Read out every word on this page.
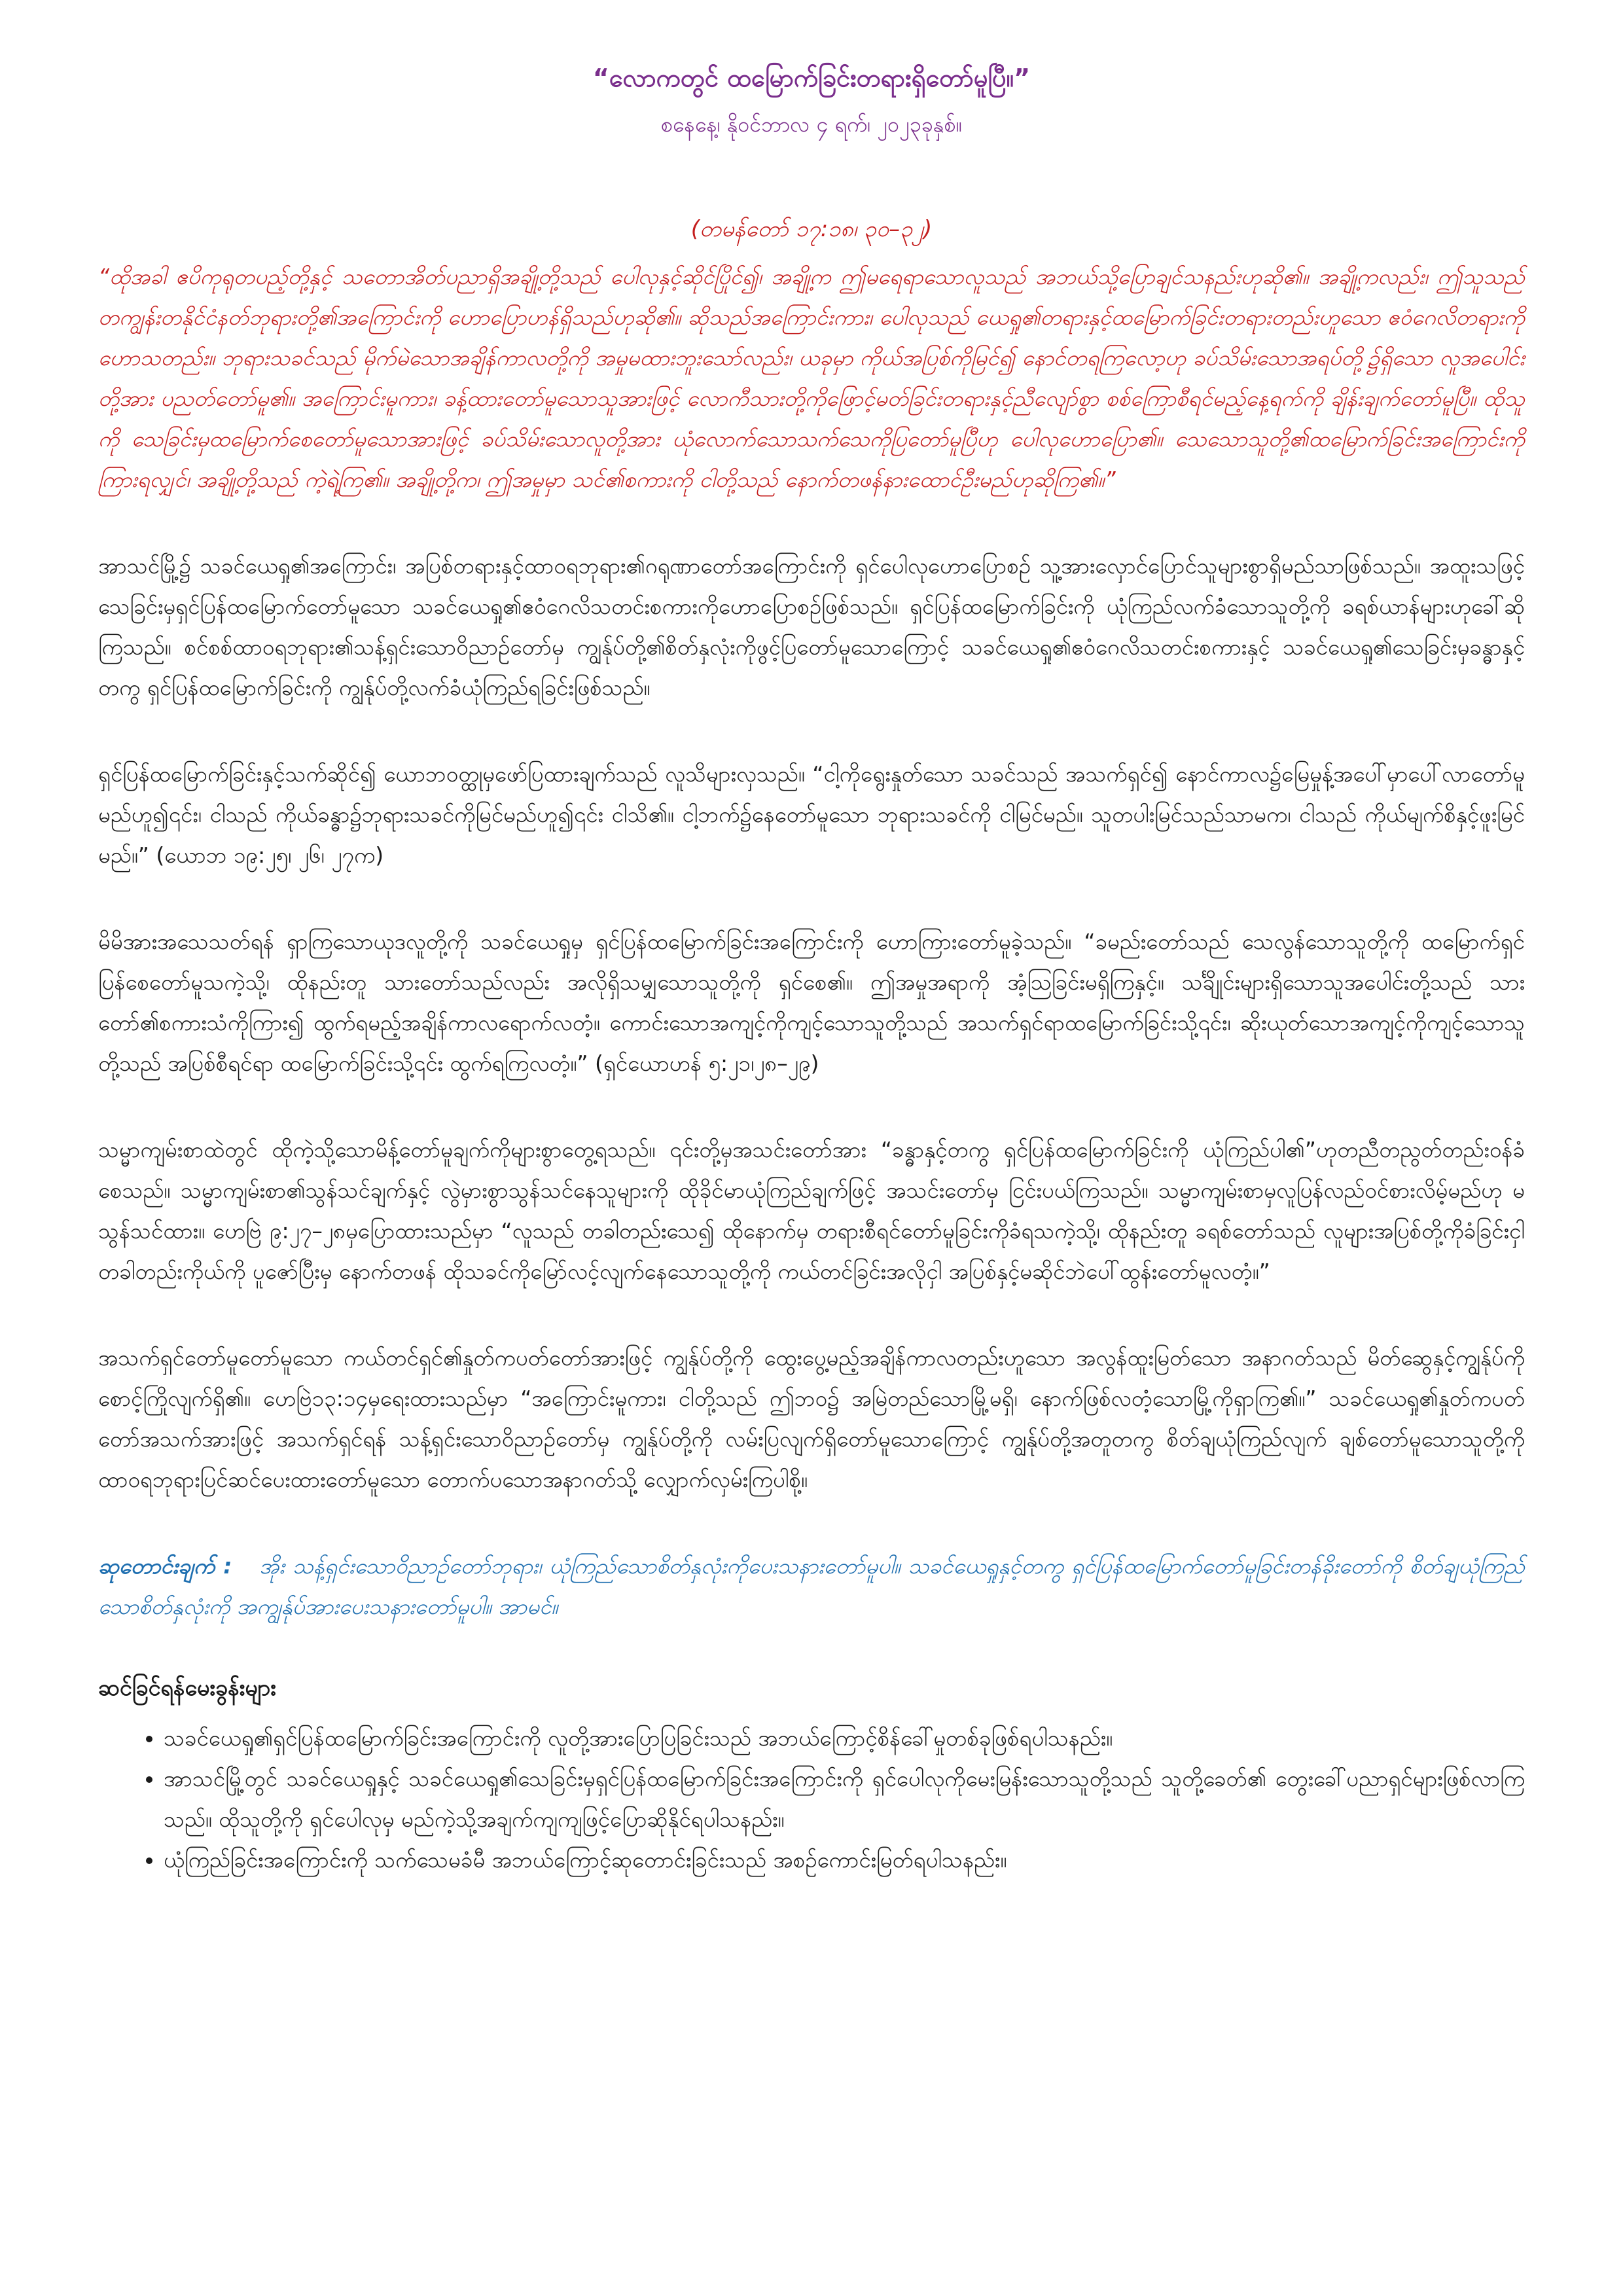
“လောကတွင် ထမြောက်ခြင်းတရားရှိတော်မူပြီ။”
စနေနေ့၊ နိုဝင်ဘာလ ၄ ရက်၊ ၂၀၂၃ခုနှစ်။
(တမန်တော် ၁၇:၁၈၊ ၃၀–၃၂)
“ထိုအခါ ဧပိကုရုတပည့်တို့နှင့် သတောအိတ်ပညာရှိအချို့တို့သည် ပေါလုနှင့်ဆိုင်ပြိုင်၍၊ အချို့က ဤမရေရာသောလူသည် အဘယ်သို့ပြောချင်သနည်းဟုဆို၏။ အချို့ကလည်း၊ ဤသူသည် တကျွန်းတနိုင်ငံနတ်ဘုရားတို့၏အကြောင်းကို ဟောပြောဟန်ရှိသည်ဟုဆို၏။ ဆိုသည်အကြောင်းကား၊ ပေါလုသည် ယေရှု၏တရားနှင့်ထမြောက်ခြင်းတရားတည်းဟူသော ဧဝံဂေလိတရားကိုဟောသတည်း။ ဘုရားသခင်သည် မိုက်မဲသောအချိန်ကာလတို့ကို အမှုမထားဘူးသော်လည်း၊ ယခုမှာ ကိုယ်အပြစ်ကိုမြင်၍ နောင်တရကြလော့ဟု ခပ်သိမ်းသောအရပ်တို့၌ရှိသော လူအပေါင်းတို့အား ပညတ်တော်မူ၏။ အကြောင်းမူကား၊ ခန့်ထားတော်မူသောသူအားဖြင့် လောကီသားတို့ကိုဖြောင့်မတ်ခြင်းတရားနှင့်ညီလျော်စွာ စစ်ကြောစီရင်မည့်နေ့ရက်ကို ချိန်းချက်တော်မူပြီ။ ထိုသူကို သေခြင်းမှထမြောက်စေတော်မူသောအားဖြင့် ခပ်သိမ်းသောလူတို့အား ယုံလောက်သောသက်သေကိုပြတော်မူပြီဟု ပေါလုဟောပြော၏။ သေသောသူတို့၏ထမြောက်ခြင်းအကြောင်းကို ကြားရလျှင်၊ အချို့တို့သည် ကဲ့ရဲ့ကြ၏။ အချို့တို့က၊ ဤအမှုမှာ သင်၏စကားကို ငါတို့သည် နောက်တဖန်နားထောင်ဦးမည်ဟုဆိုကြ၏။”

အာသင်မြို့၌ သခင်ယေရှု၏အကြောင်း၊ အပြစ်တရားနှင့်ထာဝရဘုရား၏ဂရုဏာတော်အကြောင်းကို ရှင်ပေါလုဟောပြောစဉ် သူ့အားလှောင်ပြောင်သူများစွာရှိမည်သာဖြစ်သည်။ အထူးသဖြင့် သေခြင်းမှရှင်ပြန်ထမြောက်တော်မူသော သခင်ယေရှု၏ဧဝံဂေလိသတင်းစကားကိုဟောပြောစဉ်ဖြစ်သည်။ ရှင်ပြန်ထမြောက်ခြင်းကို ယုံကြည်လက်ခံသောသူတို့ကို ခရစ်ယာန်များဟုခေါ်ဆိုကြသည်။ စင်စစ်ထာဝရဘုရား၏သန့်ရှင်းသောဝိညာဉ်တော်မှ ကျွန်ုပ်တို့၏စိတ်နှလုံးကိုဖွင့်ပြတော်မူသောကြောင့် သခင်ယေရှု၏ဧဝံဂေလိသတင်းစကားနှင့် သခင်ယေရှု၏သေခြင်းမှခန္ဓာနှင့်တကွ ရှင်ပြန်ထမြောက်ခြင်းကို ကျွန်ုပ်တို့လက်ခံယုံကြည်ရခြင်းဖြစ်သည်။

ရှင်ပြန်ထမြောက်ခြင်းနှင့်သက်ဆိုင်၍ ယောဘဝတ္ထုမှဖော်ပြထားချက်သည် လူသိများလှသည်။ “ငါ့ကိုရွေးနှုတ်သော သခင်သည် အသက်ရှင်၍ နောင်ကာလ၌မြေမှုန့်အပေါ်မှာပေါ်လာတော်မူမည်ဟူ၍၎င်း၊ ငါသည် ကိုယ်ခန္ဓာ၌ဘုရားသခင်ကိုမြင်မည်ဟူ၍၎င်း ငါသိ၏။ ငါ့ဘက်၌နေတော်မူသော ဘုရားသခင်ကို ငါမြင်မည်။ သူတပါးမြင်သည်သာမက၊ ငါသည် ကိုယ်မျက်စိနှင့်ဖူးမြင်မည်။” (ယောဘ ၁၉:၂၅၊ ၂၆၊ ၂၇က)

မိမိအားအသေသတ်ရန် ရှာကြသောယုဒလူတို့ကို သခင်ယေရှုမှ ရှင်ပြန်ထမြောက်ခြင်းအကြောင်းကို ဟောကြားတော်မူခဲ့သည်။ “ခမည်းတော်သည် သေလွန်သောသူတို့ကို ထမြောက်ရှင်ပြန်စေတော်မူသကဲ့သို့၊ ထိုနည်းတူ သားတော်သည်လည်း အလိုရှိသမျှသောသူတို့ကို ရှင်စေ၏။ ဤအမှုအရာကို အံ့ဩခြင်းမရှိကြနှင့်။ သင်္ချိုင်းများရှိသောသူအပေါင်းတို့သည် သားတော်၏စကားသံကိုကြား၍ ထွက်ရမည့်အချိန်ကာလရောက်လတံ့။ ကောင်းသောအကျင့်ကိုကျင့်သောသူတို့သည် အသက်ရှင်ရာထမြောက်ခြင်းသို့၎င်း၊ ဆိုးယုတ်သောအကျင့်ကိုကျင့်သောသူတို့သည် အပြစ်စီရင်ရာ ထမြောက်ခြင်းသို့၎င်း ထွက်ရကြလတံ့။” (ရှင်ယောဟန် ၅:၂၁၊၂၈–၂၉)

သမ္မာကျမ်းစာထဲတွင် ထိုကဲ့သို့သောမိန့်တော်မူချက်ကိုများစွာတွေ့ရသည်။ ၎င်းတို့မှအသင်းတော်အား “ခန္ဓာနှင့်တကွ ရှင်ပြန်ထမြောက်ခြင်းကို ယုံကြည်ပါ၏”ဟုတညီတညွတ်တည်းဝန်ခံစေသည်။ သမ္မာကျမ်းစာ၏သွန်သင်ချက်နှင့် လွဲမှားစွာသွန်သင်နေသူများကို ထိုခိုင်မာယုံကြည်ချက်ဖြင့် အသင်းတော်မှ ငြင်းပယ်ကြသည်။ သမ္မာကျမ်းစာမှလူပြန်လည်ဝင်စားလိမ့်မည်ဟု မသွန်သင်ထား။ ဟေဗြဲ ၉:၂၇–၂၈မှပြောထားသည်မှာ “လူသည် တခါတည်းသေ၍ ထိုနောက်မှ တရားစီရင်တော်မူခြင်းကိုခံရသကဲ့သို့၊ ထိုနည်းတူ ခရစ်တော်သည် လူများအပြစ်တို့ကိုခံခြင်းငှါ တခါတည်းကိုယ်ကို ပူဇော်ပြီးမှ နောက်တဖန် ထိုသခင်ကိုမြော်လင့်လျက်နေသောသူတို့ကို ကယ်တင်ခြင်းအလိုငှါ အပြစ်နှင့်မဆိုင်ဘဲပေါ်ထွန်းတော်မူလတံ့။”

အသက်ရှင်တော်မူတော်မူသော ကယ်တင်ရှင်၏နှုတ်ကပတ်တော်အားဖြင့် ကျွန်ုပ်တို့ကို ထွေးပွေ့မည့်အချိန်ကာလတည်းဟူသော အလွန်ထူးမြတ်သော အနာဂတ်သည် မိတ်ဆွေနှင့်ကျွန်ုပ်ကိုစောင့်ကြိုလျက်ရှိ၏။ ဟေဗြဲ၁၃:၁၄မှရေးထားသည်မှာ “အကြောင်းမူကား၊ ငါတို့သည် ဤဘဝ၌ အမြဲတည်သောမြို့မရှိ၊ နောက်ဖြစ်လတံ့သောမြို့ကိုရှာကြ၏။” သခင်ယေရှု၏နှုတ်ကပတ်တော်အသက်အားဖြင့် အသက်ရှင်ရန် သန့်ရှင်းသောဝိညာဉ်တော်မှ ကျွန်ုပ်တို့ကို လမ်းပြလျက်ရှိတော်မူသောကြောင့် ကျွန်ုပ်တို့အတူတကွ စိတ်ချယုံကြည်လျက် ချစ်တော်မူသောသူတို့ကို ထာဝရဘုရားပြင်ဆင်ပေးထားတော်မူသော တောက်ပသောအနာဂတ်သို့ လျှောက်လှမ်းကြပါစို့။

ဆုတောင်းချက် : အိုး သန့်ရှင်းသောဝိညာဉ်တော်ဘုရား၊ ယုံကြည်သောစိတ်နှလုံးကိုပေးသနားတော်မူပါ။ သခင်ယေရှုနှင့်တကွ ရှင်ပြန်ထမြောက်တော်မူခြင်းတန်ခိုးတော်ကို စိတ်ချယုံကြည်သောစိတ်နှလုံးကို အကျွန်ုပ်အားပေးသနားတော်မူပါ။ အာမင်။

ဆင်ခြင်ရန်မေးခွန်းများ
• သခင်ယေရှု၏ရှင်ပြန်ထမြောက်ခြင်းအကြောင်းကို လူတို့အားပြောပြခြင်းသည် အဘယ်ကြောင့်စိန်ခေါ်မှုတစ်ခုဖြစ်ရပါသနည်း။
• အာသင်မြို့တွင် သခင်ယေရှုနှင့် သခင်ယေရှု၏သေခြင်းမှရှင်ပြန်ထမြောက်ခြင်းအကြောင်းကို ရှင်ပေါလုကိုမေးမြန်းသောသူတို့သည် သူတို့ခေတ်၏ တွေးခေါ်ပညာရှင်များဖြစ်လာကြသည်။ ထိုသူတို့ကို ရှင်ပေါလုမှ မည်ကဲ့သို့အချက်ကျကျဖြင့်ပြောဆိုနိုင်ရပါသနည်း။
• ယုံကြည်ခြင်းအကြောင်းကို သက်သေမခံမီ အဘယ်ကြောင့်ဆုတောင်းခြင်းသည် အစဉ်ကောင်းမြတ်ရပါသနည်း။
